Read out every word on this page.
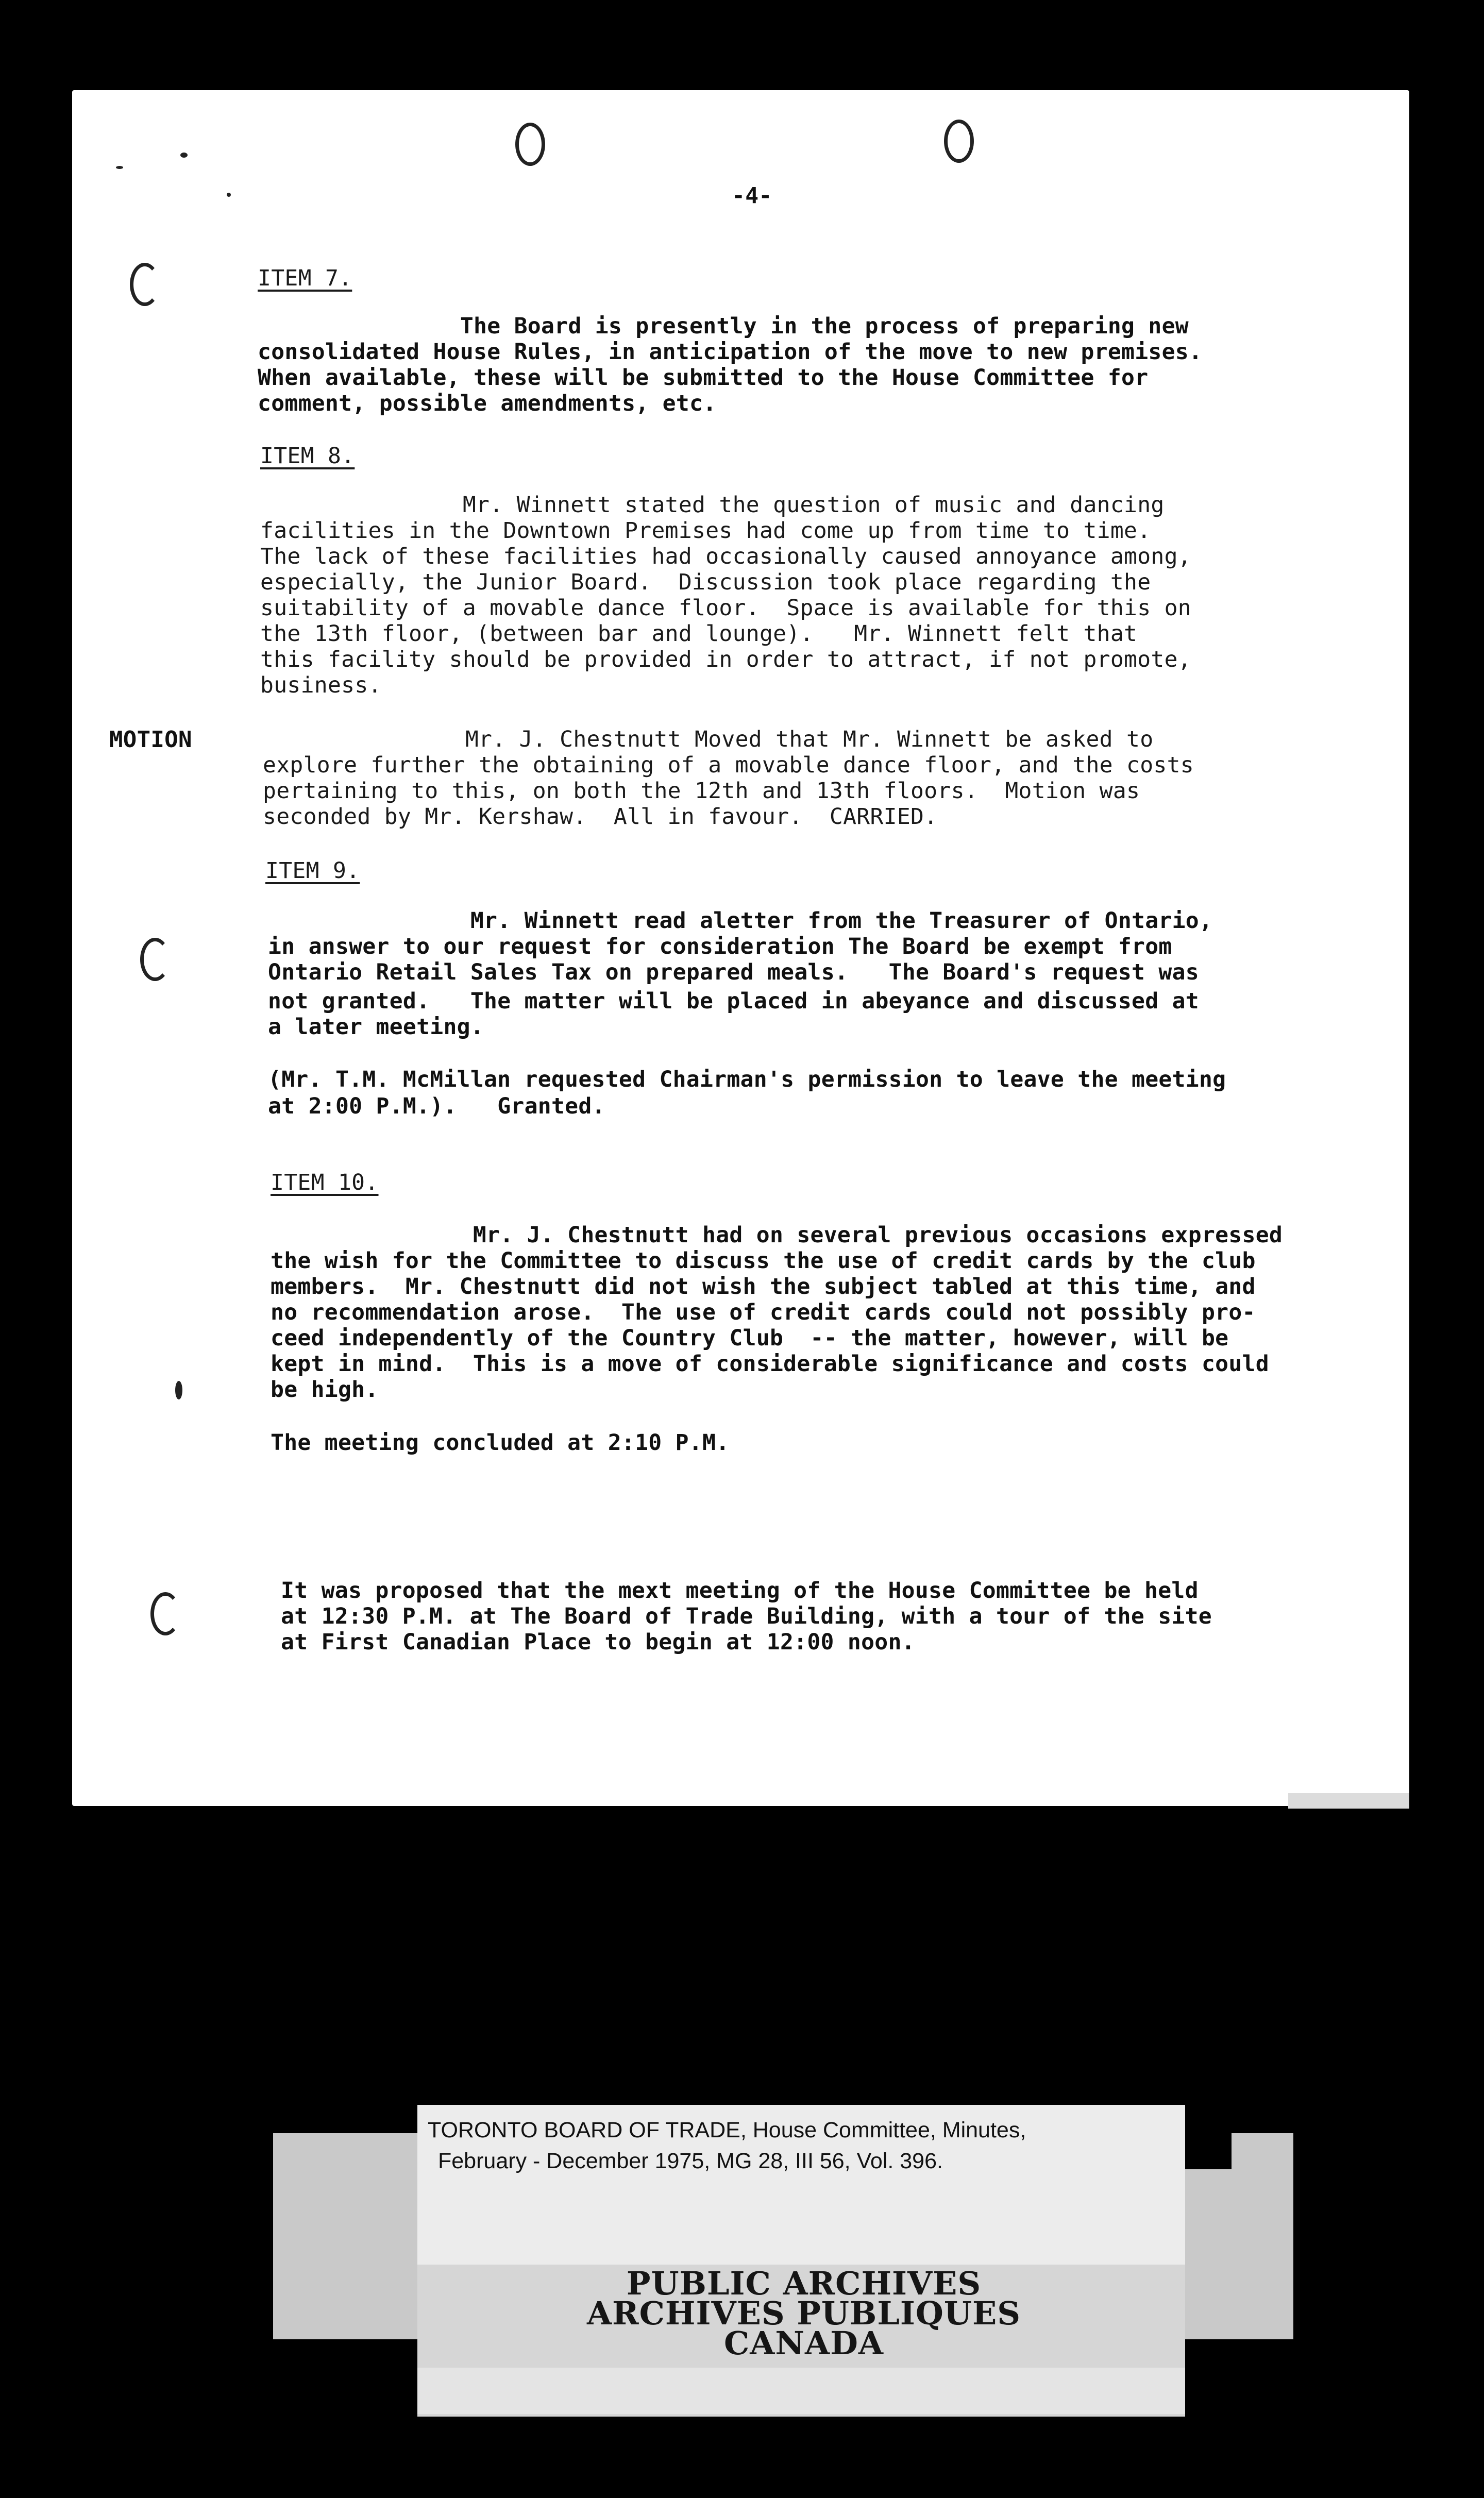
-4-

ITEM 7.

The Board is presently in the process of preparing new

consolidated House Rules, in anticipation of the move to new premises.

When available, these will be submitted to the House Committee for

comment, possible amendments, etc.

ITEM 8.

Mr. Winnett stated the question of music and dancing

facilities in the Downtown Premises had come up from time to time.

The lack of these facilities had occasionally caused annoyance among,

especially, the Junior Board.  Discussion took place regarding the

suitability of a movable dance floor.  Space is available for this on

the 13th floor, (between bar and lounge).   Mr. Winnett felt that

this facility should be provided in order to attract, if not promote,

business.

MOTION	Mr. J. Chestnutt Moved that Mr. Winnett be asked to

explore further the obtaining of a movable dance floor, and the costs

pertaining to this, on both the 12th and 13th floors.  Motion was

seconded by Mr. Kershaw.  All in favour.  CARRIED.

ITEM 9.

Mr. Winnett read aletter from the Treasurer of Ontario,

in answer to our request for consideration The Board be exempt from

Ontario Retail Sales Tax on prepared meals.   The Board's request was

not granted.   The matter will be placed in abeyance and discussed at

a later meeting.

(Mr. T.M. McMillan requested Chairman's permission to leave the meeting

at 2:00 P.M.).   Granted.

ITEM 10.

Mr. J. Chestnutt had on several previous occasions expressed

the wish for the Committee to discuss the use of credit cards by the club

members.  Mr. Chestnutt did not wish the subject tabled at this time, and

no recommendation arose.  The use of credit cards could not possibly pro-

ceed independently of the Country Club  -- the matter, however, will be

kept in mind.  This is a move of considerable significance and costs could

be high.

The meeting concluded at 2:10 P.M.

It was proposed that the mext meeting of the House Committee be held

at 12:30 P.M. at The Board of Trade Building, with a tour of the site

at First Canadian Place to begin at 12:00 noon.

TORONTO BOARD OF TRADE, House Committee, Minutes,

February - December 1975, MG 28, III 56, Vol. 396.

PUBLIC ARCHIVES

ARCHIVES PUBLIQUES

CANADA
